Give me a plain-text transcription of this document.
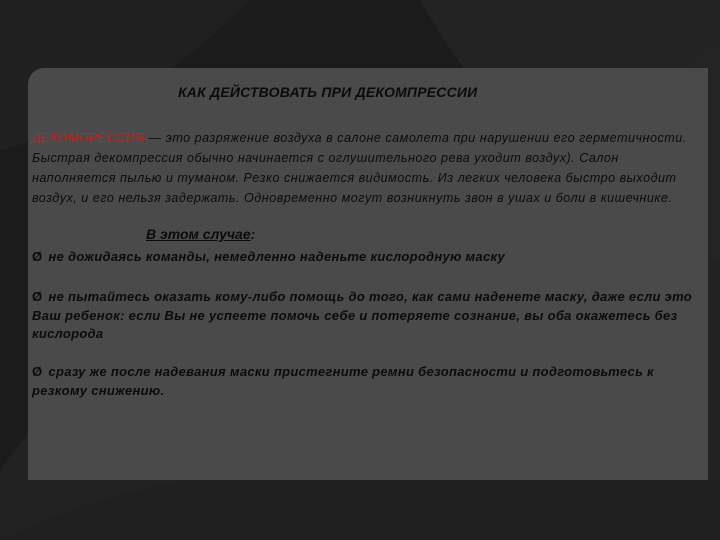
КАК ДЕЙСТВОВАТЬ ПРИ ДЕКОМПРЕССИИ
ДЕКОМПРЕССИЯ — это разряжение воздуха в салоне самолета при нарушении его герметичности. Быстрая декомпрессия обычно начинается с оглушительного рева уходит воздух). Салон наполняется пылью и туманом. Резко снижается видимость. Из легких человека быстро выходит воздух, и его нельзя задержать. Одновременно могут возникнуть звон в ушах и боли в кишечнике.
В этом случае:
Ø не дожидаясь команды, немедленно наденьте кислородную маску
Ø не пытайтесь оказать кому-либо помощь до того, как сами наденете маску, даже если это Ваш ребенок: если Вы не успеете помочь себе и потеряете сознание, вы оба окажетесь без кислорода
Ø сразу же после надевания маски пристегните ремни безопасности и подготовьтесь к резкому снижению.
